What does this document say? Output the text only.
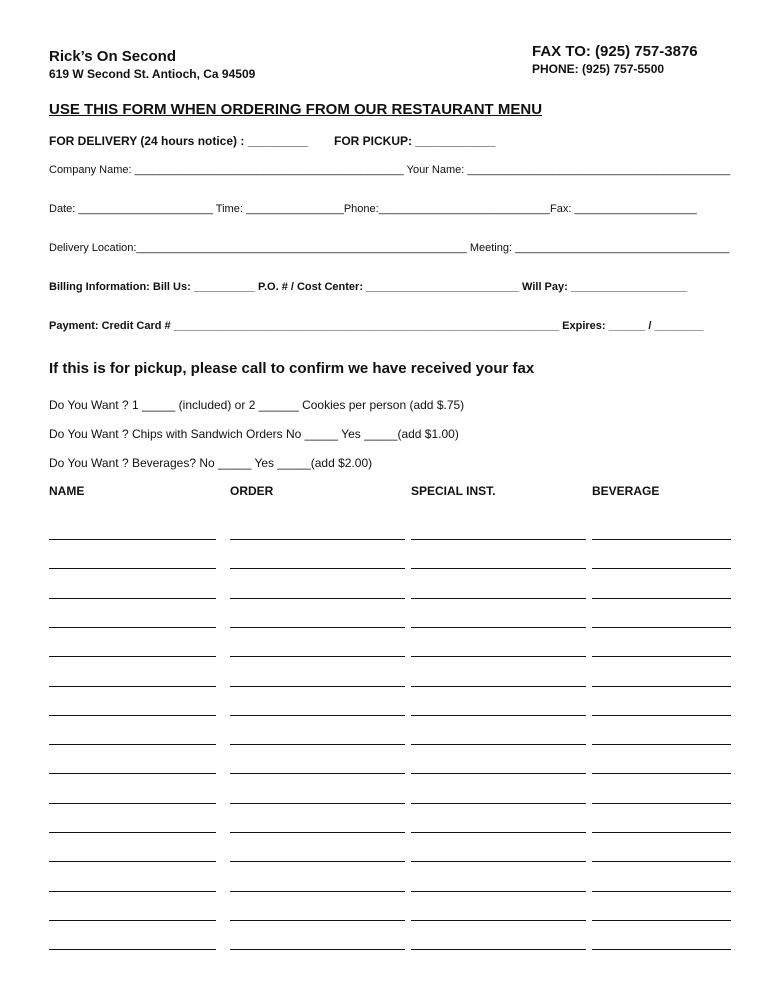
Rick’s On Second
619 W Second St. Antioch, Ca 94509
FAX TO: (925) 757-3876
PHONE: (925) 757-5500
USE THIS FORM WHEN ORDERING FROM OUR RESTAURANT MENU
FOR DELIVERY (24 hours notice) : _________ FOR PICKUP: ____________
Company Name: ____________________________________________ Your Name: ___________________________________________
Date: ______________________ Time: ________________Phone:____________________________Fax: ____________________
Delivery Location:______________________________________________________ Meeting: ___________________________________
Billing Information: Bill Us: __________ P.O. # / Cost Center: _________________________ Will Pay: ___________________
Payment: Credit Card # _______________________________________________________________ Expires: ______ / ________
If this is for pickup, please call to confirm we have received your fax
Do You Want ? 1 _____ (included) or 2 ______ Cookies per person (add $.75)
Do You Want ? Chips with Sandwich Orders No _____ Yes _____(add $1.00)
Do You Want ? Beverages? No _____ Yes _____(add $2.00)
NAME	ORDER	SPECIAL INST.	BEVERAGE
